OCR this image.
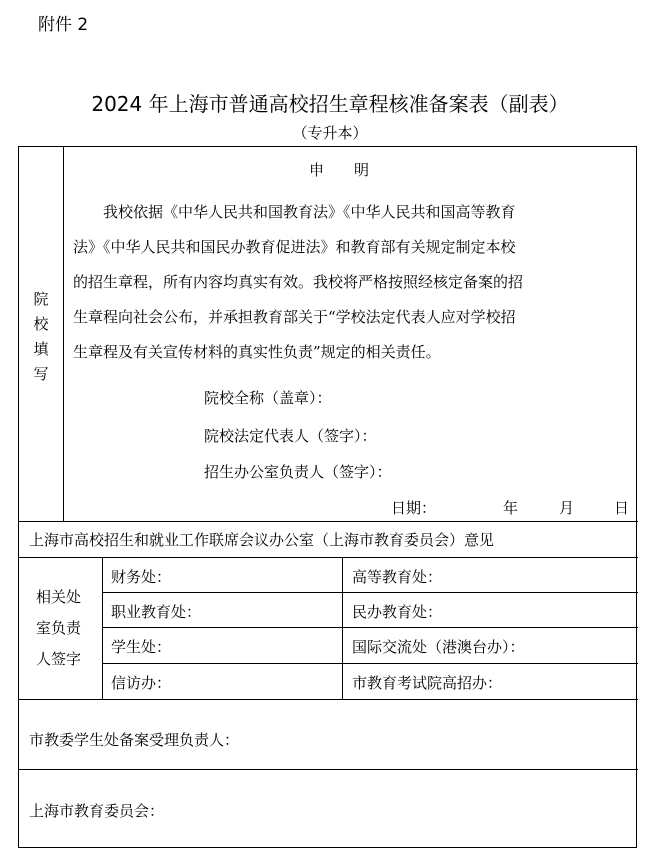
附件 2
2024 年上海市普通高校招生章程核准备案表（副表）
（专升本）
院
校
填
写
申　　明
　　我校依据《中华人民共和国教育法》《中华人民共和国高等教育
法》《中华人民共和国民办教育促进法》和教育部有关规定制定本校
的招生章程，所有内容均真实有效。我校将严格按照经核定备案的招
生章程向社会公布，并承担教育部关于“学校法定代表人应对学校招
生章程及有关宣传材料的真实性负责”规定的相关责任。
院校全称（盖章）：
院校法定代表人（签字）：
招生办公室负责人（签字）：
日期：	年	月	日
上海市高校招生和就业工作联席会议办公室（上海市教育委员会）意见
相关处
室负责
人签字
财务处：	高等教育处：
职业教育处：	民办教育处：
学生处：	国际交流处（港澳台办）：
信访办：	市教育考试院高招办：
市教委学生处备案受理负责人：
上海市教育委员会：
